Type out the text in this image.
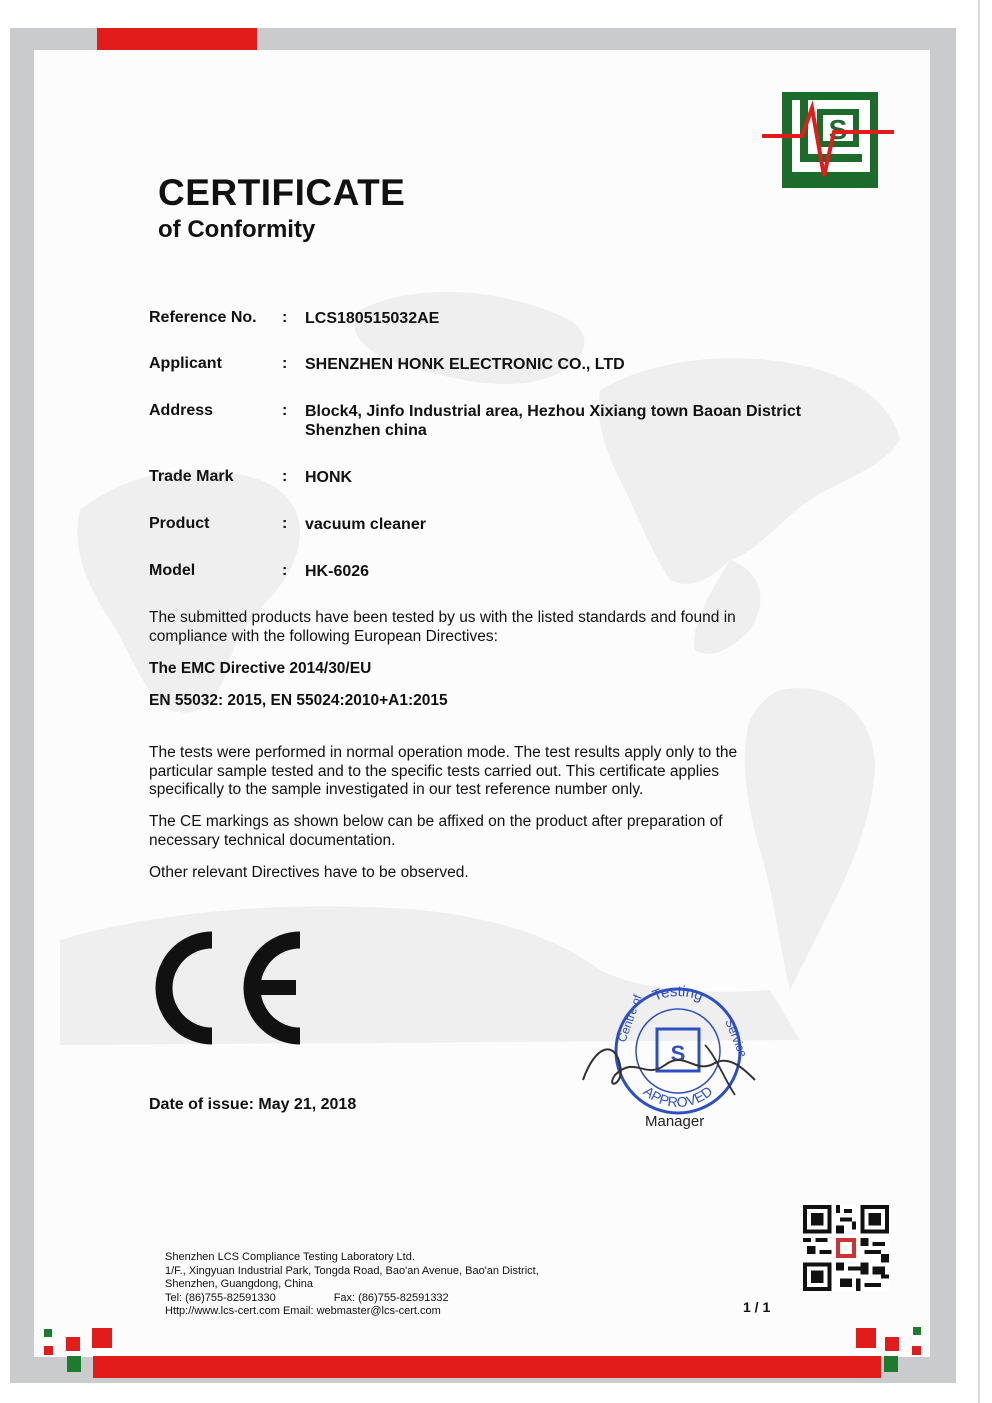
S
CERTIFICATE
of Conformity
Reference No.	: LCS180515032AE
Applicant	: SHENZHEN HONK ELECTRONIC CO., LTD
Address	: Block4, Jinfo Industrial area, Hezhou Xixiang town Baoan District
Shenzhen china
Trade Mark	: HONK
Product	: vacuum cleaner
Model	: HK-6026
The submitted products have been tested by us with the listed standards and found in
compliance with the following European Directives:
The EMC Directive 2014/30/EU
EN 55032: 2015, EN 55024:2010+A1:2015
The tests were performed in normal operation mode. The test results apply only to the
particular sample tested and to the specific tests carried out. This certificate applies
specifically to the sample investigated in our test reference number only.
The CE markings as shown below can be affixed on the product after preparation of
necessary technical documentation.
Other relevant Directives have to be observed.
Date of issue: May 21, 2018
Testing
APPROVED
Centre of	Service
S
Manager
Shenzhen LCS Compliance Testing Laboratory Ltd.
1/F., Xingyuan Industrial Park, Tongda Road, Bao'an Avenue, Bao'an District,
Shenzhen, Guangdong, China
Tel: (86)755-82591330	Fax: (86)755-82591332
Http://www.lcs-cert.com Email: webmaster@lcs-cert.com	1 / 1
